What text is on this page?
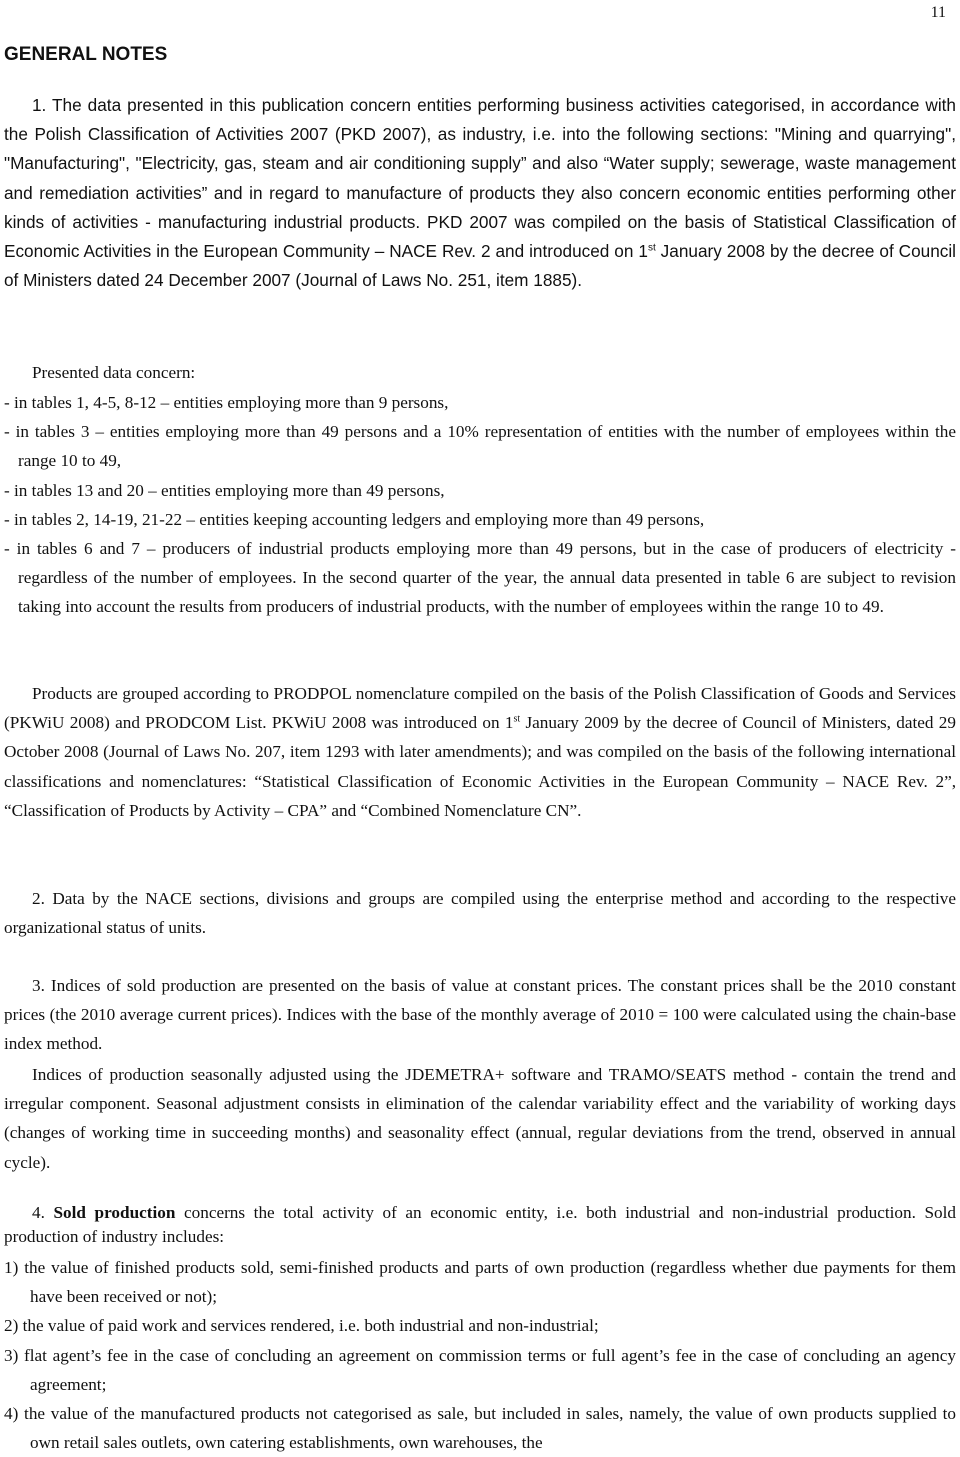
11
GENERAL NOTES

1. The data presented in this publication concern entities performing business activities categorised, in accordance with the Polish Classification of Activities 2007 (PKD 2007), as industry, i.e. into the following sections: "Mining and quarrying", "Manufacturing", "Electricity, gas, steam and air conditioning supply” and also “Water supply; sewerage, waste management and remediation activities” and in regard to manufacture of products they also concern economic entities performing other kinds of activities - manufacturing industrial products. PKD 2007 was compiled on the basis of Statistical Classification of Economic Activities in the European Community – NACE Rev. 2 and introduced on 1st January 2008 by the decree of Council of Ministers dated 24 December 2007 (Journal of Laws No. 251, item 1885).

Presented data concern:

- in tables 1, 4-5, 8-12 – entities employing more than 9 persons,
- in tables 3 – entities employing more than 49 persons and a 10% representation of entities with the number of employees within the range 10 to 49,
- in tables 13 and 20 – entities employing more than 49 persons,
- in tables 2, 14-19, 21-22 – entities keeping accounting ledgers and employing more than 49 persons,
- in tables 6 and 7 – producers of industrial products employing more than 49 persons, but in the case of producers of electricity - regardless of the number of employees. In the second quarter of the year, the annual data presented in table 6 are subject to revision taking into account the results from producers of industrial products, with the number of employees within the range 10 to 49.

Products are grouped according to PRODPOL nomenclature compiled on the basis of the Polish Classification of Goods and Services (PKWiU 2008) and PRODCOM List. PKWiU 2008 was introduced on 1st January 2009 by the decree of Council of Ministers, dated 29 October 2008 (Journal of Laws No. 207, item 1293 with later amendments); and was compiled on the basis of the following international classifications and nomenclatures: “Statistical Classification of Economic Activities in the European Community – NACE Rev. 2”, “Classification of Products by Activity – CPA” and “Combined Nomenclature CN”.

2. Data by the NACE sections, divisions and groups are compiled using the enterprise method and according to the respective organizational status of units.

3. Indices of sold production are presented on the basis of value at constant prices. The constant prices shall be the 2010 constant prices (the 2010 average current prices). Indices with the base of the monthly average of 2010 = 100 were calculated using the chain-base index method.

Indices of production seasonally adjusted using the JDEMETRA+ software and TRAMO/SEATS method - contain the trend and irregular component. Seasonal adjustment consists in elimination of the calendar variability effect and the variability of working days (changes of working time in succeeding months) and seasonality effect (annual, regular deviations from the trend, observed in annual cycle).

4. Sold production concerns the total activity of an economic entity, i.e. both industrial and non-industrial production. Sold production of industry includes:

1) the value of finished products sold, semi-finished products and parts of own production (regardless whether due payments for them have been received or not);
2) the value of paid work and services rendered, i.e. both industrial and non-industrial;
3) flat agent’s fee in the case of concluding an agreement on commission terms or full agent’s fee in the case of concluding an agency agreement;
4) the value of the manufactured products not categorised as sale, but included in sales, namely, the value of own products supplied to own retail sales outlets, own catering establishments, own warehouses, the
